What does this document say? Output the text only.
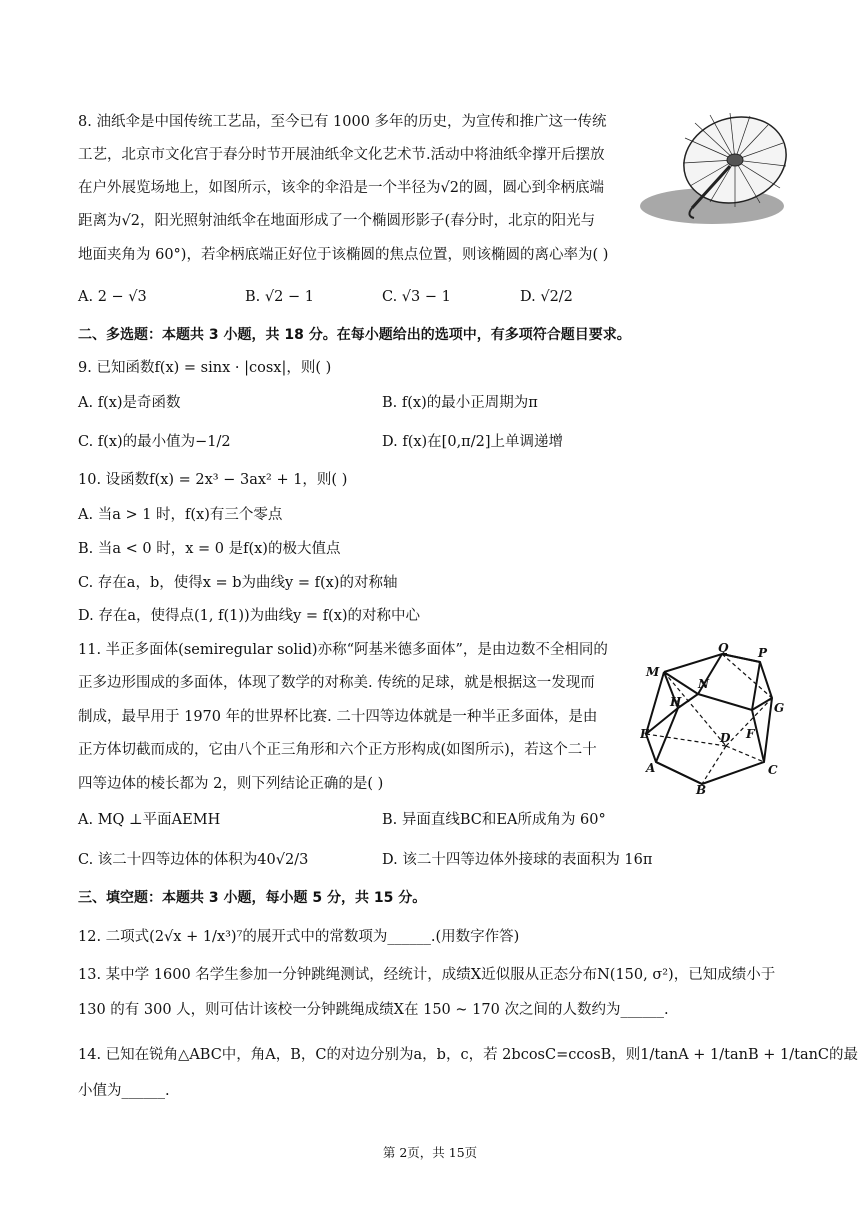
8. 油纸伞是中国传统工艺品，至今已有 1000 多年的历史，为宣传和推广这一传统
工艺，北京市文化宫于春分时节开展油纸伞文化艺术节.活动中将油纸伞撑开后摆放
在户外展览场地上，如图所示，该伞的伞沿是一个半径为√2的圆，圆心到伞柄底端
距离为√2，阳光照射油纸伞在地面形成了一个椭圆形影子(春分时，北京的阳光与
地面夹角为 60°)，若伞柄底端正好位于该椭圆的焦点位置，则该椭圆的离心率为( )
A. 2 − √3	B. √2 − 1	C. √3 − 1	D. √2/2
二、多选题：本题共 3 小题，共 18 分。在每小题给出的选项中，有多项符合题目要求。
9. 已知函数f(x) = sinx · |cosx|，则( )
A. f(x)是奇函数	B. f(x)的最小正周期为π
C. f(x)的最小值为−1/2	D. f(x)在[0,π/2]上单调递增
10. 设函数f(x) = 2x³ − 3ax² + 1，则( )
A. 当a > 1 时，f(x)有三个零点
B. 当a < 0 时，x = 0 是f(x)的极大值点
C. 存在a，b，使得x = b为曲线y = f(x)的对称轴
D. 存在a，使得点(1, f(1))为曲线y = f(x)的对称中心
11. 半正多面体(semiregular solid)亦称“阿基米德多面体”，是由边数不全相同的
正多边形围成的多面体，体现了数学的对称美. 传统的足球，就是根据这一发现而
制成，最早用于 1970 年的世界杯比赛. 二十四等边体就是一种半正多面体，是由
正方体切截而成的，它由八个正三角形和六个正方形构成(如图所示)，若这个二十
四等边体的棱长都为 2，则下列结论正确的是( )
Q
M
N
P
H	G
E	D F
A	C
B
A. MQ ⊥平面AEMH	B. 异面直线BC和EA所成角为 60°
C. 该二十四等边体的体积为40√2/3	D. 该二十四等边体外接球的表面积为 16π
三、填空题：本题共 3 小题，每小题 5 分，共 15 分。
12. 二项式(2√x + 1/x³)⁷的展开式中的常数项为______.(用数字作答)
13. 某中学 1600 名学生参加一分钟跳绳测试，经统计，成绩X近似服从正态分布N(150, σ²)，已知成绩小于
130 的有 300 人，则可估计该校一分钟跳绳成绩X在 150 ~ 170 次之间的人数约为______.
14. 已知在锐角△ABC中，角A，B，C的对边分别为a，b，c，若 2bcosC=ccosB，则1/tanA + 1/tanB + 1/tanC的最
小值为______.
第 2页，共 15页
